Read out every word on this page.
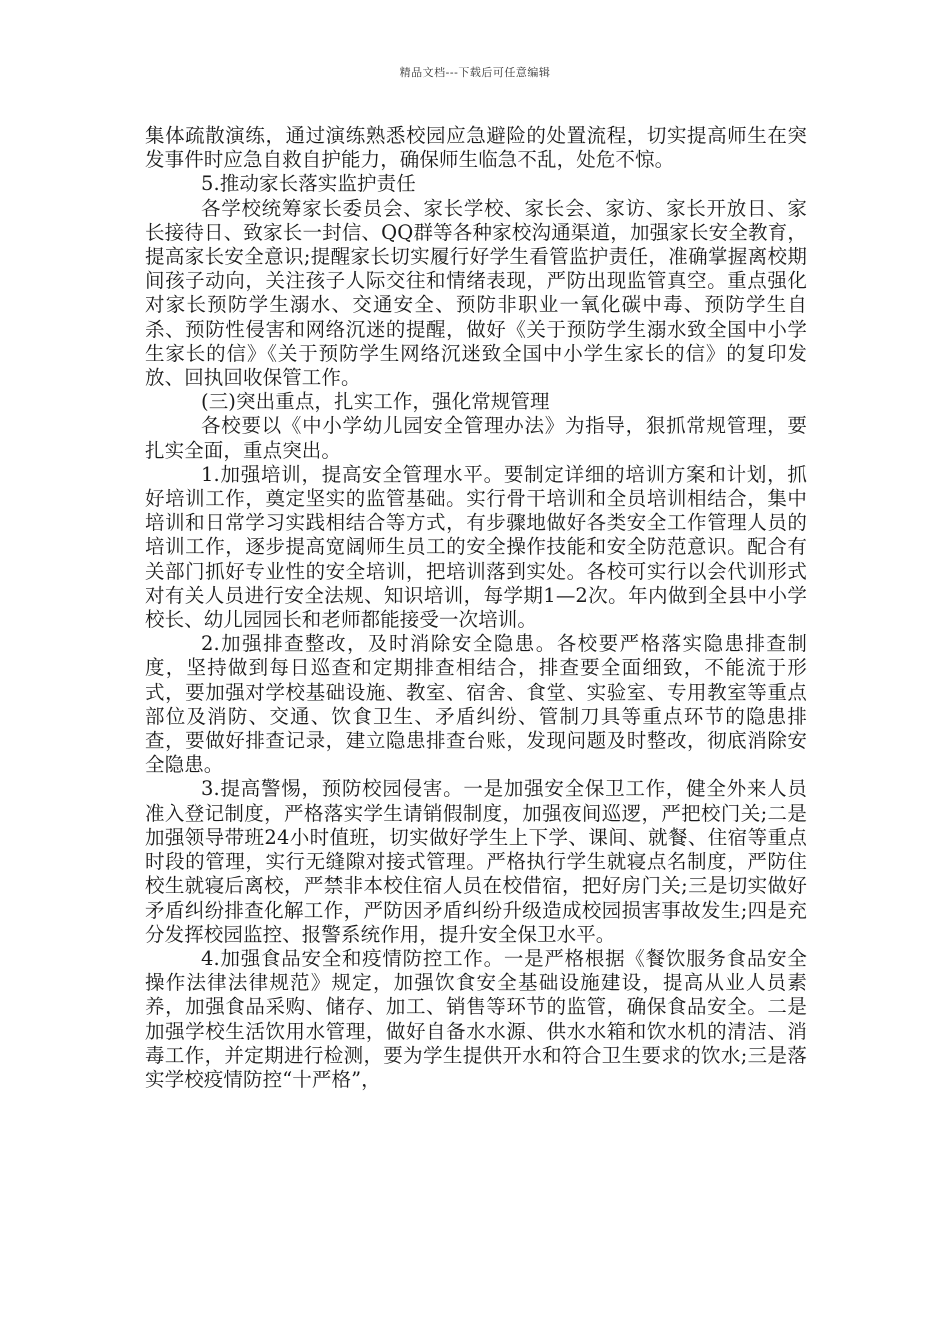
精品文档---下载后可任意编辑

集体疏散演练，通过演练熟悉校园应急避险的处置流程，切实提高师生在突发事件时应急自救自护能力，确保师生临急不乱，处危不惊。

5.推动家长落实监护责任

各学校统筹家长委员会、家长学校、家长会、家访、家长开放日、家长接待日、致家长一封信、QQ群等各种家校沟通渠道，加强家长安全教育，提高家长安全意识;提醒家长切实履行好学生看管监护责任，准确掌握离校期间孩子动向，关注孩子人际交往和情绪表现，严防出现监管真空。重点强化对家长预防学生溺水、交通安全、预防非职业一氧化碳中毒、预防学生自杀、预防性侵害和网络沉迷的提醒，做好《关于预防学生溺水致全国中小学生家长的信》《关于预防学生网络沉迷致全国中小学生家长的信》的复印发放、回执回收保管工作。

(三)突出重点，扎实工作，强化常规管理

各校要以《中小学幼儿园安全管理办法》为指导，狠抓常规管理，要扎实全面，重点突出。

1.加强培训，提高安全管理水平。要制定详细的培训方案和计划，抓好培训工作，奠定坚实的监管基础。实行骨干培训和全员培训相结合，集中培训和日常学习实践相结合等方式，有步骤地做好各类安全工作管理人员的培训工作，逐步提高宽阔师生员工的安全操作技能和安全防范意识。配合有关部门抓好专业性的安全培训，把培训落到实处。各校可实行以会代训形式对有关人员进行安全法规、知识培训，每学期1—2次。年内做到全县中小学校长、幼儿园园长和老师都能接受一次培训。

2.加强排查整改，及时消除安全隐患。各校要严格落实隐患排查制度，坚持做到每日巡查和定期排查相结合，排查要全面细致，不能流于形式，要加强对学校基础设施、教室、宿舍、食堂、实验室、专用教室等重点部位及消防、交通、饮食卫生、矛盾纠纷、管制刀具等重点环节的隐患排查，要做好排查记录，建立隐患排查台账，发现问题及时整改，彻底消除安全隐患。

3.提高警惕，预防校园侵害。一是加强安全保卫工作，健全外来人员准入登记制度，严格落实学生请销假制度，加强夜间巡逻，严把校门关;二是加强领导带班24小时值班，切实做好学生上下学、课间、就餐、住宿等重点时段的管理，实行无缝隙对接式管理。严格执行学生就寝点名制度，严防住校生就寝后离校，严禁非本校住宿人员在校借宿，把好房门关;三是切实做好矛盾纠纷排查化解工作，严防因矛盾纠纷升级造成校园损害事故发生;四是充分发挥校园监控、报警系统作用，提升安全保卫水平。

4.加强食品安全和疫情防控工作。一是严格根据《餐饮服务食品安全操作法律法律规范》规定，加强饮食安全基础设施建设，提高从业人员素养，加强食品采购、储存、加工、销售等环节的监管，确保食品安全。二是加强学校生活饮用水管理，做好自备水水源、供水水箱和饮水机的清洁、消毒工作，并定期进行检测，要为学生提供开水和符合卫生要求的饮水;三是落实学校疫情防控“十严格”，
